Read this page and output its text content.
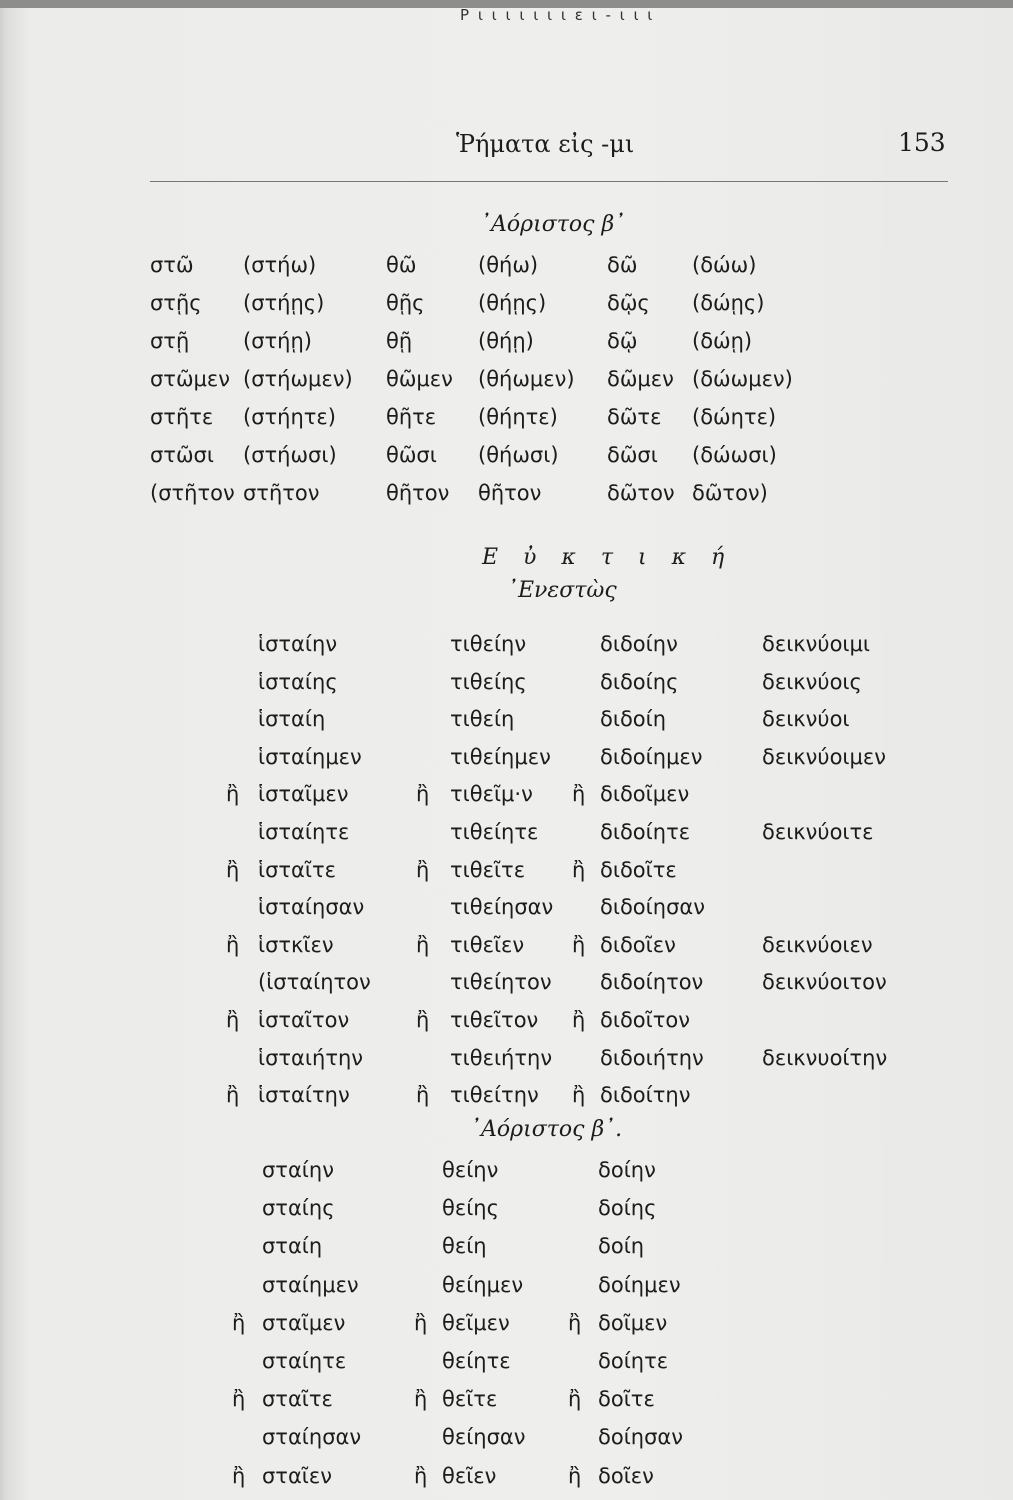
Ρ ι ι ι ι ι ι ι ε ι - ι ι ι
Ῥήματα εἰς -μι	153
᾿Αόριστος β᾿
στῶ
στῇς
στῇ
στῶμεν
στῆτε
στῶσι
(στῆτον
(στήω)
(στήῃς)
(στήῃ)
(στήωμεν)
(στήητε)
(στήωσι)
στῆτον
θῶ
θῇς
θῇ
θῶμεν
θῆτε
θῶσι
θῆτον
(θήω)
(θήῃς)
(θήῃ)
(θήωμεν)
(θήητε)
(θήωσι)
θῆτον
δῶ
δῷς
δῷ
δῶμεν
δῶτε
δῶσι
δῶτον
(δώω)
(δώῃς)
(δώῃ)
(δώωμεν)
(δώητε)
(δώωσι)
δῶτον)
Ε ὐ κ τ ι κ ή
᾿Ενεστὼς
ἢ
ἢ
ἢ
ἢ
ἢ
ἱσταίην
ἱσταίης
ἱσταίη
ἱσταίημεν
ἱσταῖμεν
ἱσταίητε
ἱσταῖτε
ἱσταίησαν
ἱστκῖεν
(ἱσταίητον
ἱσταῖτον
ἱσταιήτην
ἱσταίτην
ἢ
ἢ
ἢ
ἢ
ἢ
τιθείην
τιθείης
τιθείη
τιθείημεν
τιθεῖμ·ν
τιθείητε
τιθεῖτε
τιθείησαν
τιθεῖεν
τιθείητον
τιθεῖτον
τιθειήτην
τιθείτην
ἢ
ἢ
ἢ
ἢ
ἢ
διδοίην
διδοίης
διδοίη
διδοίημεν
διδοῖμεν
διδοίητε
διδοῖτε
διδοίησαν
διδοῖεν
διδοίητον
διδοῖτον
διδοιήτην
διδοίτην
δεικνύοιμι
δεικνύοις
δεικνύοι
δεικνύοιμεν
δεικνύοιτε
δεικνύοιεν
δεικνύοιτον
δεικνυοίτην
᾿Αόριστος β᾿.
ἢ
ἢ
ἢ
σταίην
σταίης
σταίη
σταίημεν
σταῖμεν
σταίητε
σταῖτε
σταίησαν
σταῖεν
ἢ
ἢ
ἢ
θείην
θείης
θείη
θείημεν
θεῖμεν
θείητε
θεῖτε
θείησαν
θεῖεν
ἢ
ἢ
ἢ
δοίην
δοίης
δοίη
δοίημεν
δοῖμεν
δοίητε
δοῖτε
δοίησαν
δοῖεν
